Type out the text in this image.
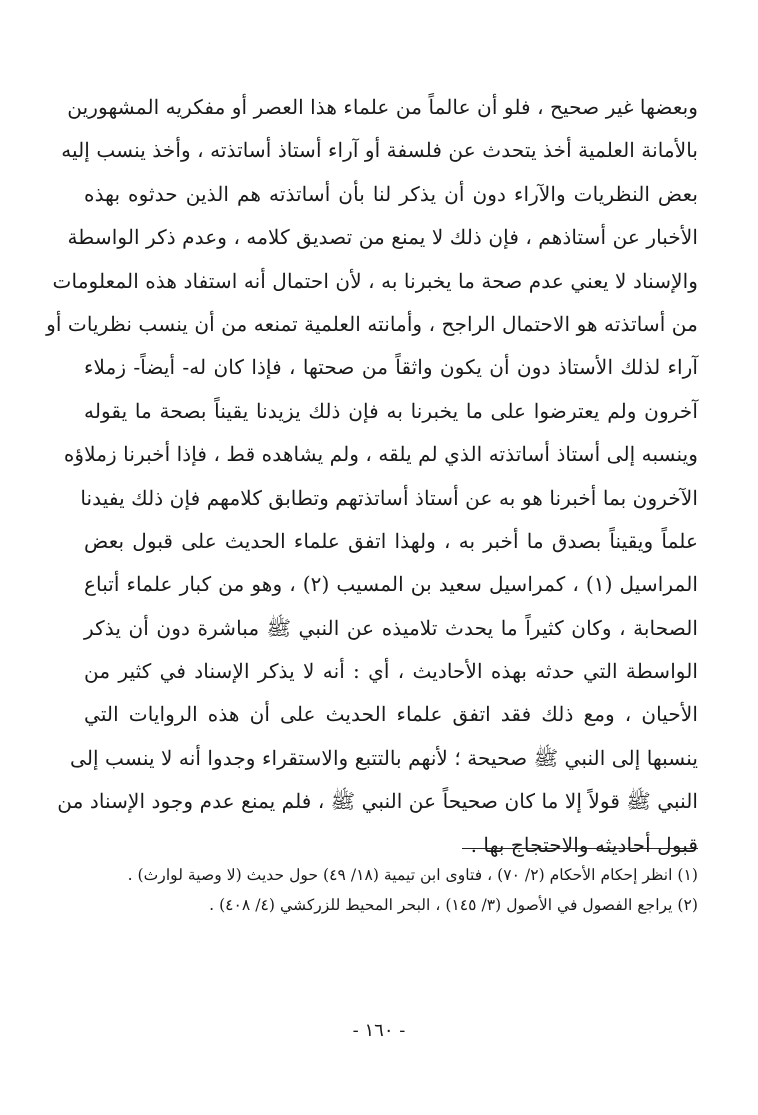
وبعضها غير صحيح ، فلو أن عالماً من علماء هذا العصر أو مفكريه المشهورين
بالأمانة العلمية أخذ يتحدث عن فلسفة أو آراء أستاذ أساتذته ، وأخذ ينسب إليه
بعض النظريات والآراء دون أن يذكر لنا بأن أساتذته هم الذين حدثوه بهذه
الأخبار عن أستاذهم ، فإن ذلك لا يمنع من تصديق كلامه ، وعدم ذكر الواسطة
والإسناد لا يعني عدم صحة ما يخبرنا به ، لأن احتمال أنه استفاد هذه المعلومات
من أساتذته هو الاحتمال الراجح ، وأمانته العلمية تمنعه من أن ينسب نظريات أو
آراء لذلك الأستاذ دون أن يكون واثقاً من صحتها ، فإذا كان له- أيضاً- زملاء
آخرون ولم يعترضوا على ما يخبرنا به فإن ذلك يزيدنا يقيناً بصحة ما يقوله
وينسبه إلى أستاذ أساتذته الذي لم يلقه ، ولم يشاهده قط ، فإذا أخبرنا زملاؤه
الآخرون بما أخبرنا هو به عن أستاذ أساتذتهم وتطابق كلامهم فإن ذلك يفيدنا
علماً ويقيناً بصدق ما أخبر به ، ولهذا اتفق علماء الحديث على قبول بعض
المراسيل (١) ، كمراسيل سعيد بن المسيب (٢) ، وهو من كبار علماء أتباع
الصحابة ، وكان كثيراً ما يحدث تلاميذه عن النبي ﷺ مباشرة دون أن يذكر
الواسطة التي حدثه بهذه الأحاديث ، أي : أنه لا يذكر الإسناد في كثير من
الأحيان ، ومع ذلك فقد اتفق علماء الحديث على أن هذه الروايات التي
ينسبها إلى النبي ﷺ صحيحة ؛ لأنهم بالتتبع والاستقراء وجدوا أنه لا ينسب إلى
النبي ﷺ قولاً إلا ما كان صحيحاً عن النبي ﷺ ، فلم يمنع عدم وجود الإسناد من
قبول أحاديثه والاحتجاج بها .
(١) انظر إحكام الأحكام (٢/ ٧٠) ، فتاوى ابن تيمية (١٨/ ٤٩) حول حديث (لا وصية لوارث) .
(٢) يراجع الفصول في الأصول (٣/ ١٤٥) ، البحر المحيط للزركشي (٤/ ٤٠٨) .
- ١٦٠ -
